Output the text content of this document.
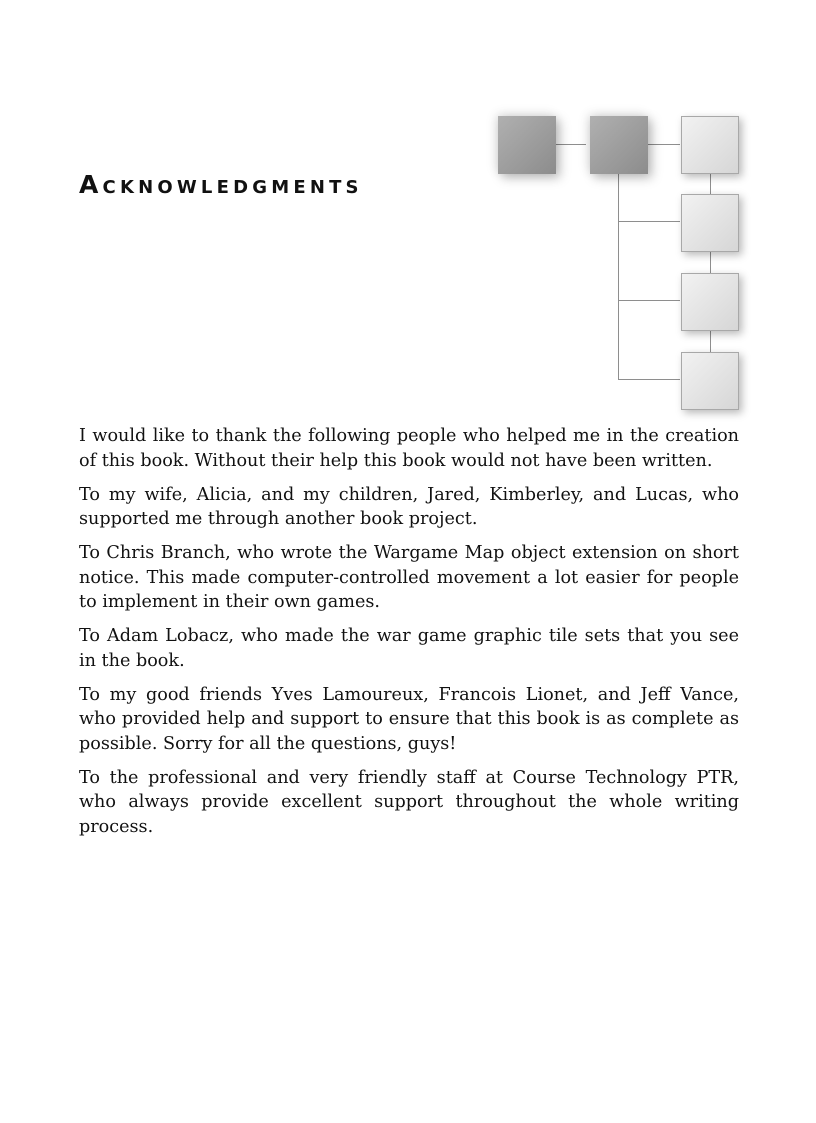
Acknowledgments

I would like to thank the following people who helped me in the creation of this book. Without their help this book would not have been written.

To my wife, Alicia, and my children, Jared, Kimberley, and Lucas, who supported me through another book project.

To Chris Branch, who wrote the Wargame Map object extension on short notice. This made computer-controlled movement a lot easier for people to implement in their own games.

To Adam Lobacz, who made the war game graphic tile sets that you see in the book.

To my good friends Yves Lamoureux, Francois Lionet, and Jeff Vance, who provided help and support to ensure that this book is as complete as possible. Sorry for all the questions, guys!

To the professional and very friendly staff at Course Technology PTR, who always provide excellent support throughout the whole writing process.
